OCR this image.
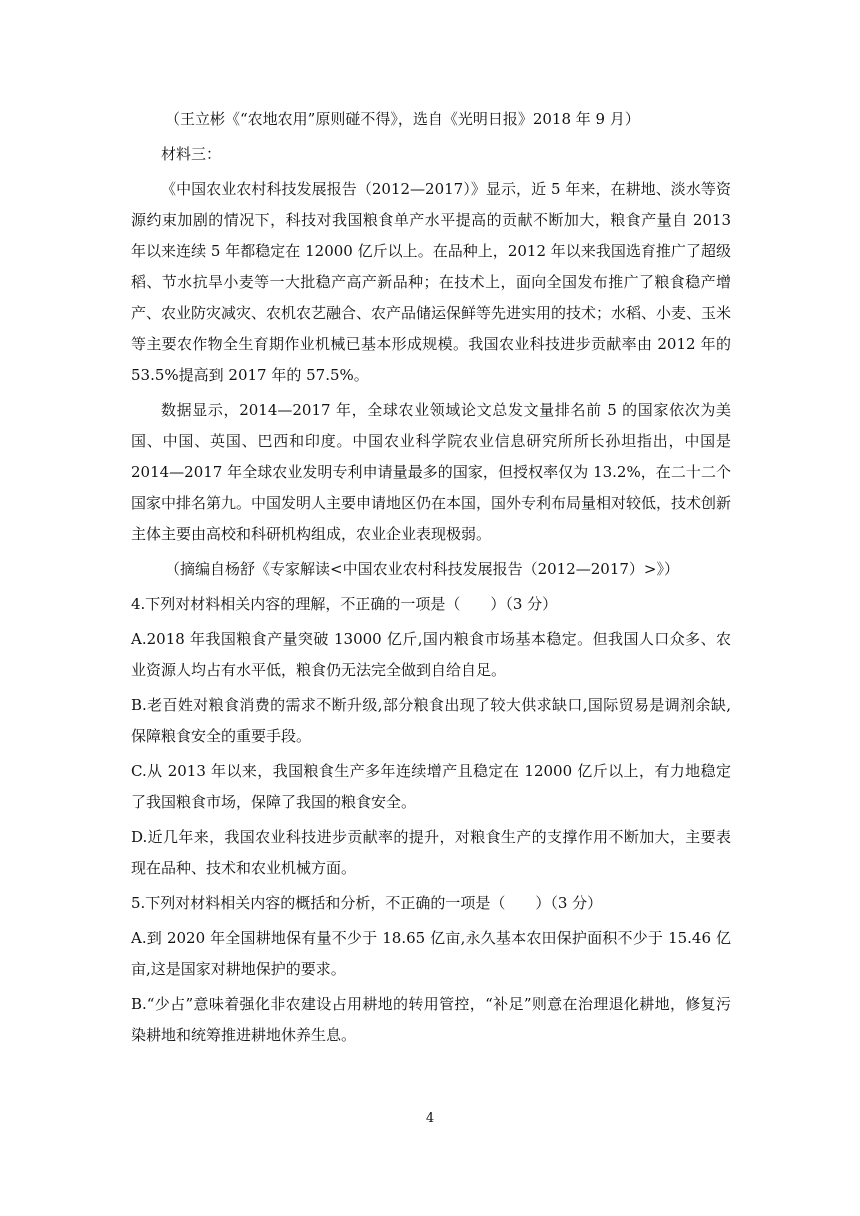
（王立彬《“农地农用”原则碰不得》，选自《光明日报》2018 年 9 月）

材料三：

《中国农业农村科技发展报告（2012—2017）》显示，近 5 年来，在耕地、淡水等资源约束加剧的情况下，科技对我国粮食单产水平提高的贡献不断加大，粮食产量自 2013 年以来连续 5 年都稳定在 12000 亿斤以上。在品种上，2012 年以来我国选育推广了超级稻、节水抗旱小麦等一大批稳产高产新品种；在技术上，面向全国发布推广了粮食稳产增产、农业防灾减灾、农机农艺融合、农产品储运保鲜等先进实用的技术；水稻、小麦、玉米等主要农作物全生育期作业机械已基本形成规模。我国农业科技进步贡献率由 2012 年的 53.5%提高到 2017 年的 57.5%。

数据显示，2014—2017 年，全球农业领域论文总发文量排名前 5 的国家依次为美国、中国、英国、巴西和印度。中国农业科学院农业信息研究所所长孙坦指出，中国是 2014—2017 年全球农业发明专利申请量最多的国家，但授权率仅为 13.2%，在二十二个国家中排名第九。中国发明人主要申请地区仍在本国，国外专利布局量相对较低，技术创新主体主要由高校和科研机构组成，农业企业表现极弱。

（摘编自杨舒《专家解读<中国农业农村科技发展报告（2012—2017）>》）

4.下列对材料相关内容的理解，不正确的一项是（　　）（3 分）

A.2018 年我国粮食产量突破 13000 亿斤,国内粮食市场基本稳定。但我国人口众多、农业资源人均占有水平低，粮食仍无法完全做到自给自足。

B.老百姓对粮食消费的需求不断升级,部分粮食出现了较大供求缺口,国际贸易是调剂余缺,保障粮食安全的重要手段。

C.从 2013 年以来，我国粮食生产多年连续增产且稳定在 12000 亿斤以上，有力地稳定了我国粮食市场，保障了我国的粮食安全。

D.近几年来，我国农业科技进步贡献率的提升，对粮食生产的支撑作用不断加大，主要表现在品种、技术和农业机械方面。

5.下列对材料相关内容的概括和分析，不正确的一项是（　　）（3 分）

A.到 2020 年全国耕地保有量不少于 18.65 亿亩,永久基本农田保护面积不少于 15.46 亿亩,这是国家对耕地保护的要求。

B.“少占”意味着强化非农建设占用耕地的转用管控，“补足”则意在治理退化耕地，修复污染耕地和统筹推进耕地休养生息。

4
